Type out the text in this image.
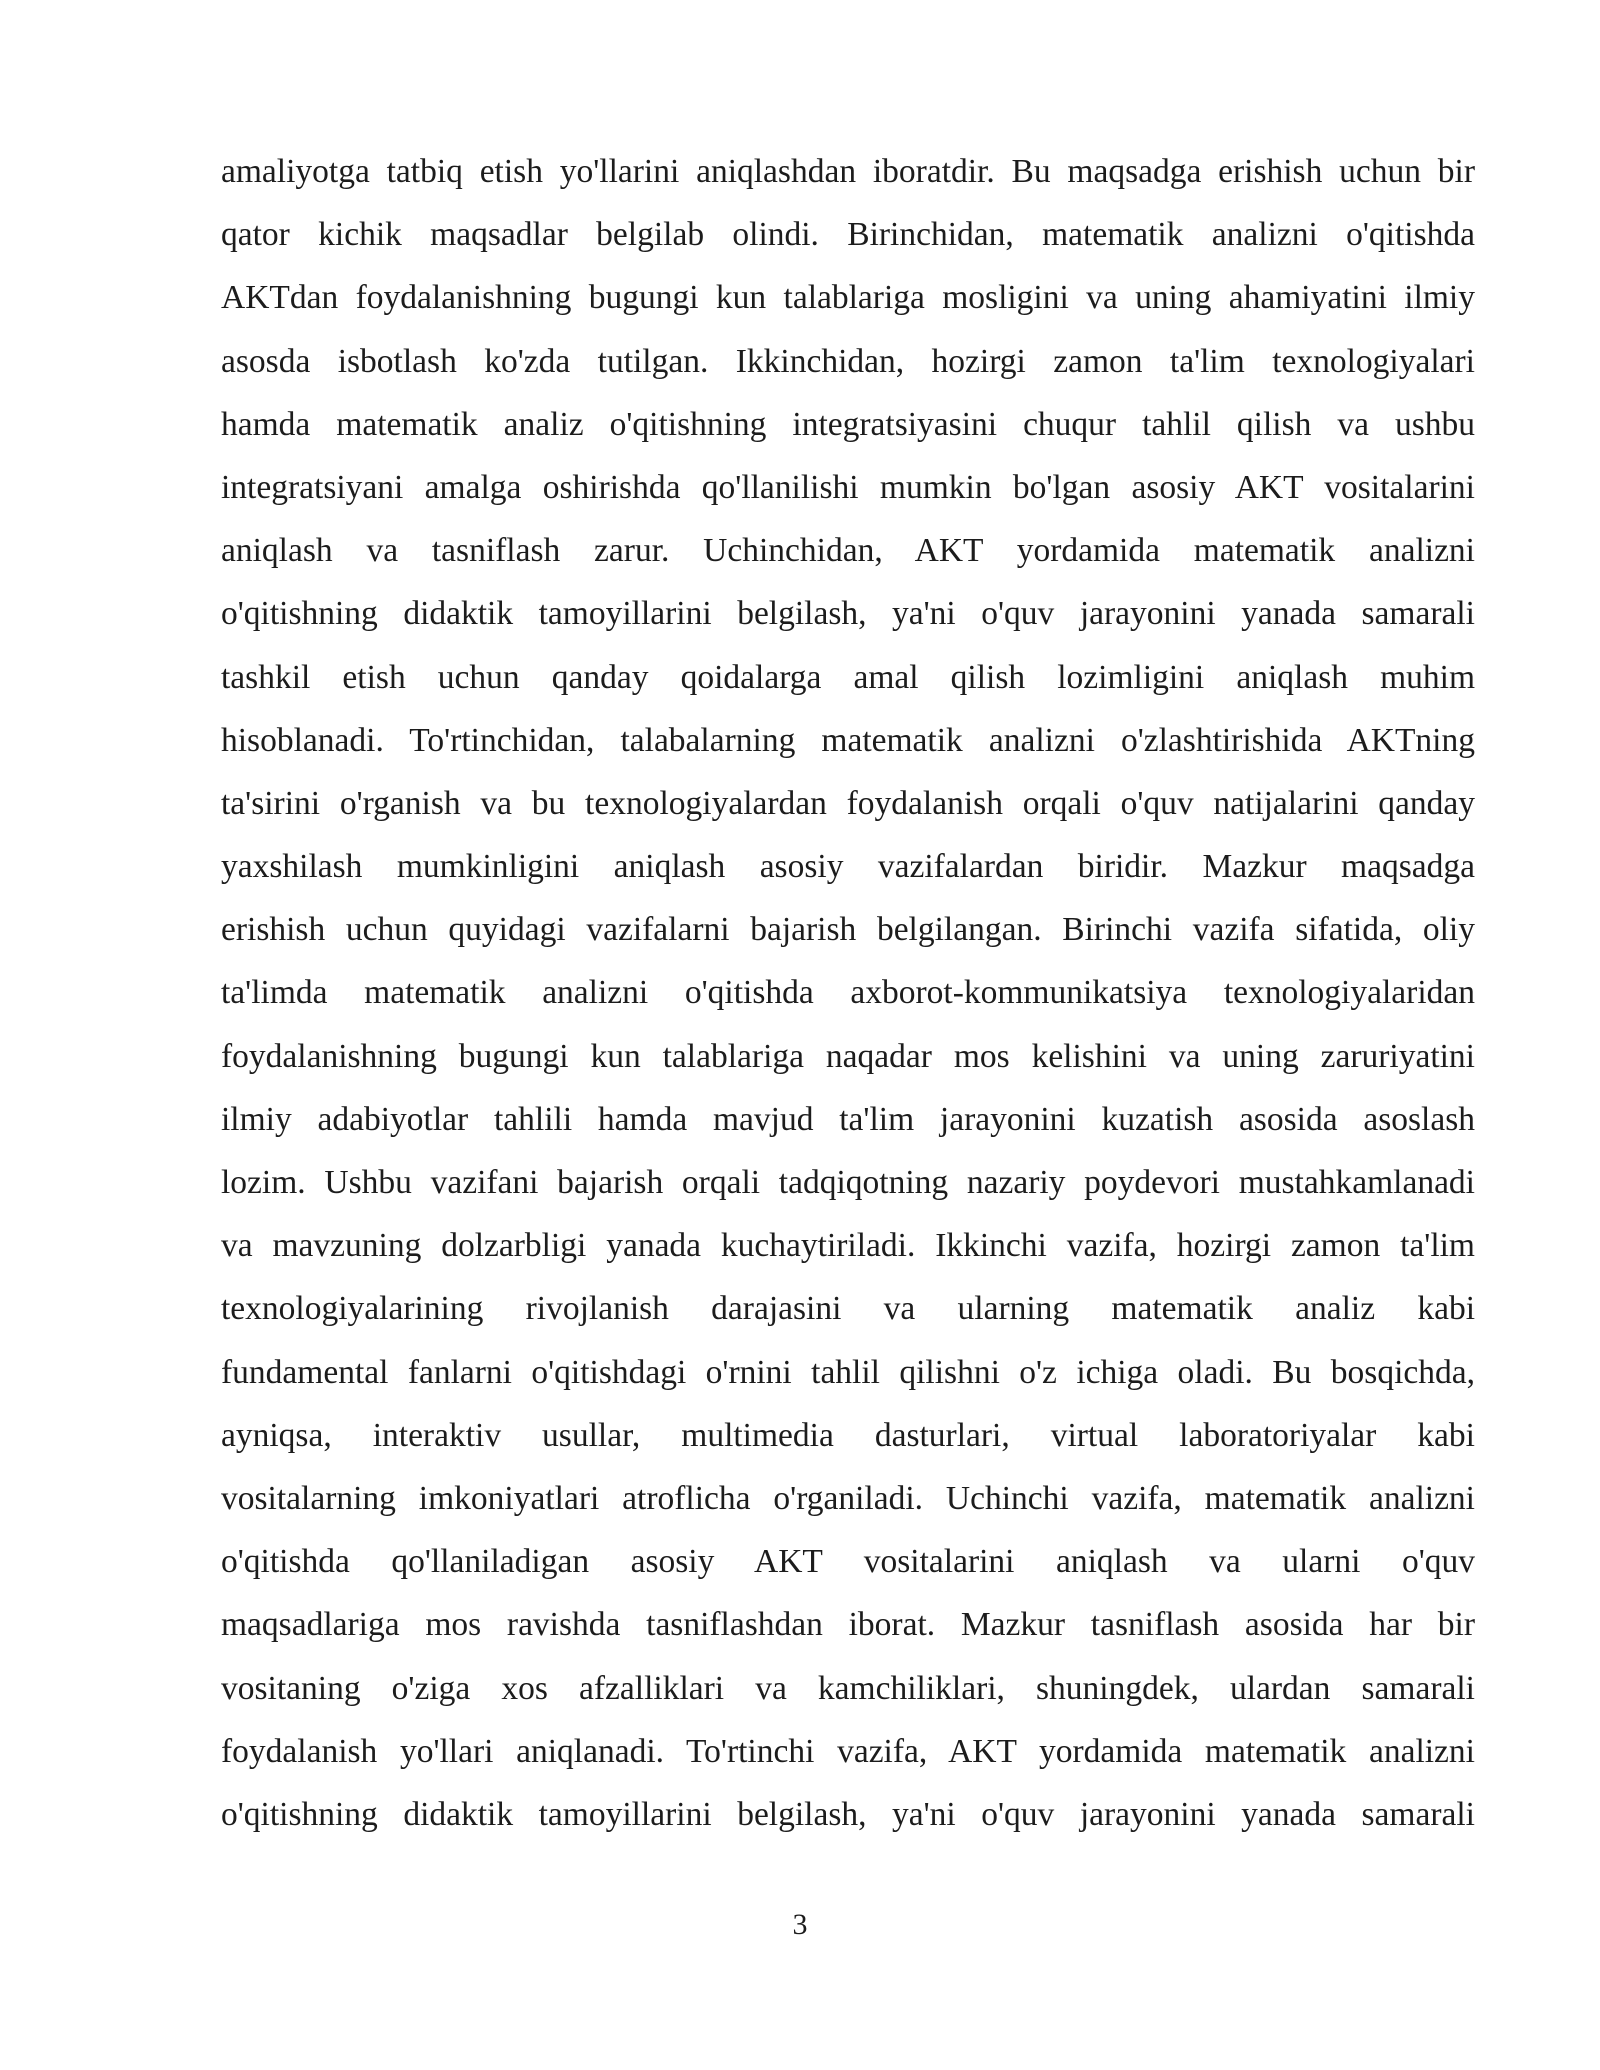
amaliyotga tatbiq etish yo'llarini aniqlashdan iboratdir. Bu maqsadga erishish uchun bir
qator kichik maqsadlar belgilab olindi. Birinchidan, matematik analizni o'qitishda
AKTdan foydalanishning bugungi kun talablariga mosligini va uning ahamiyatini ilmiy
asosda isbotlash ko'zda tutilgan. Ikkinchidan, hozirgi zamon ta'lim texnologiyalari
hamda matematik analiz o'qitishning integratsiyasini chuqur tahlil qilish va ushbu
integratsiyani amalga oshirishda qo'llanilishi mumkin bo'lgan asosiy AKT vositalarini
aniqlash va tasniflash zarur. Uchinchidan, AKT yordamida matematik analizni
o'qitishning didaktik tamoyillarini belgilash, ya'ni o'quv jarayonini yanada samarali
tashkil etish uchun qanday qoidalarga amal qilish lozimligini aniqlash muhim
hisoblanadi. To'rtinchidan, talabalarning matematik analizni o'zlashtirishida AKTning
ta'sirini o'rganish va bu texnologiyalardan foydalanish orqali o'quv natijalarini qanday
yaxshilash mumkinligini aniqlash asosiy vazifalardan biridir. Mazkur maqsadga
erishish uchun quyidagi vazifalarni bajarish belgilangan. Birinchi vazifa sifatida, oliy
ta'limda matematik analizni o'qitishda axborot-kommunikatsiya texnologiyalaridan
foydalanishning bugungi kun talablariga naqadar mos kelishini va uning zaruriyatini
ilmiy adabiyotlar tahlili hamda mavjud ta'lim jarayonini kuzatish asosida asoslash
lozim. Ushbu vazifani bajarish orqali tadqiqotning nazariy poydevori mustahkamlanadi
va mavzuning dolzarbligi yanada kuchaytiriladi. Ikkinchi vazifa, hozirgi zamon ta'lim
texnologiyalarining rivojlanish darajasini va ularning matematik analiz kabi
fundamental fanlarni o'qitishdagi o'rnini tahlil qilishni o'z ichiga oladi. Bu bosqichda,
ayniqsa, interaktiv usullar, multimedia dasturlari, virtual laboratoriyalar kabi
vositalarning imkoniyatlari atroflicha o'rganiladi. Uchinchi vazifa, matematik analizni
o'qitishda qo'llaniladigan asosiy AKT vositalarini aniqlash va ularni o'quv
maqsadlariga mos ravishda tasniflashdan iborat. Mazkur tasniflash asosida har bir
vositaning o'ziga xos afzalliklari va kamchiliklari, shuningdek, ulardan samarali
foydalanish yo'llari aniqlanadi. To'rtinchi vazifa, AKT yordamida matematik analizni
o'qitishning didaktik tamoyillarini belgilash, ya'ni o'quv jarayonini yanada samarali
3
